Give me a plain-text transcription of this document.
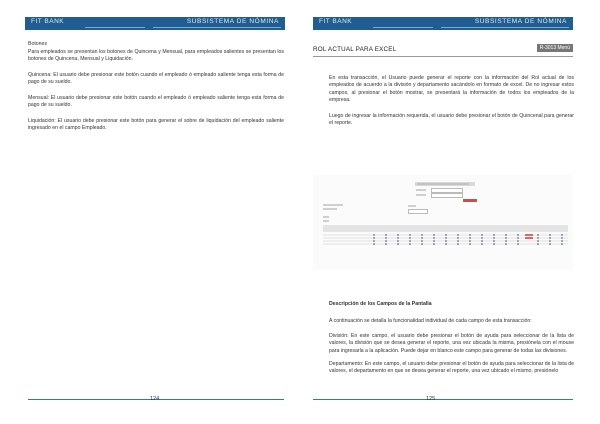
FIT BANK	SUBSISTEMA DE NÓMINA
Botones
Para empleados se presentan los botones de Quincena y Mensual, para empleados salientes se presentan los botones de Quincena, Mensual y Liquidación.
Quincena: El usuario debe presionar este botón cuando el empleado ó empleado saliente tenga esta forma de pago de su sueldo.
Mensual: El usuario debe presionar este botón cuando el empleado ó empleado saliente tenga esta forma de pago de su sueldo.
Liquidación: El usuario debe presionar este botón para generar el sobre de liquidación del empleado saliente ingresado en el campo Empleado.
124
FIT BANK	SUBSISTEMA DE NÓMINA
ROL ACTUAL PARA EXCEL	R-3013 Menú
En esta transacción, el Usuario puede generar el reporte con la información del Rol actual de los empleados de acuerdo a la división y departamento sacándolo en formato de excel. De no ingresar estos campos, al presionar el botón mostrar, se presentará la información de todos los empleados de la empresa.
Luego de ingresar la información requerida, el usuario debe presionar el botón de Quincenal para generar el reporte.
Descripción de los Campos de la Pantalla
A continuación se detalla la funcionalidad individual de cada campo de esta transacción:
División: En este campo, el usuario debe presionar el botón de ayuda para seleccionar de la lista de valores, la división que se desea generar el reporte, una vez ubicada la misma, presiónela con el mouse para ingresarla a la aplicación. Puede dejar en blanco este campo para generar de todas las divisiones.
Departamento: En este campo, el usuario debe presionar el botón de ayuda para seleccionar de la lista de valores, el departamento en que se desea generar el reporte, una vez ubicado el mismo, presiónelo
125
